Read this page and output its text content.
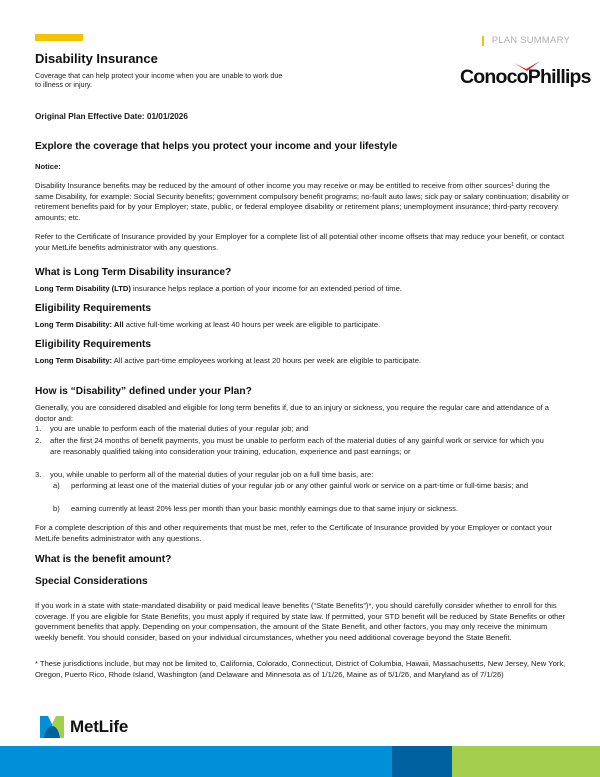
PLAN SUMMARY
Disability Insurance
Coverage that can help protect your income when you are unable to work due to illness or injury.	ConocoPhillips
Original Plan Effective Date: 01/01/2026
Explore the coverage that helps you protect your income and your lifestyle
Notice:
Disability Insurance benefits may be reduced by the amount of other income you may receive or may be entitled to receive from other sources$^1$ during the same Disability, for example: Social Security benefits; government compulsory benefit programs; no-fault auto laws; sick pay or salary continuation; disability or retirement benefits paid for by your Employer; state, public, or federal employee disability or retirement plans; unemployment insurance; third-party recovery amounts; etc.
Refer to the Certificate of Insurance provided by your Employer for a complete list of all potential other income offsets that may reduce your benefit, or contact your MetLife benefits administrator with any questions.
What is Long Term Disability insurance?
Long Term Disability (LTD) insurance helps replace a portion of your income for an extended period of time.
Eligibility Requirements
Long Term Disability: All active full-time working at least 40 hours per week are eligible to participate.
Eligibility Requirements
Long Term Disability: All active part-time employees working at least 20 hours per week are eligible to participate.
How is “Disability” defined under your Plan?
Generally, you are considered disabled and eligible for long term benefits if, due to an injury or sickness, you require the regular care and attendance of a doctor and:
1. you are unable to perform each of the material duties of your regular job; and
2. after the first 24 months of benefit payments, you must be unable to perform each of the material duties of any gainful work or service for which you are reasonably qualified taking into consideration your training, education, experience and past earnings; or
3. you, while unable to perform all of the material duties of your regular job on a full time basis, are:
a) performing at least one of the material duties of your regular job or any other gainful work or service on a part-time or full-time basis; and
b) earning currently at least 20% less per month than your basic monthly earnings due to that same injury or sickness.
For a complete description of this and other requirements that must be met, refer to the Certificate of Insurance provided by your Employer or contact your MetLife benefits administrator with any questions.
What is the benefit amount?
Special Considerations
If you work in a state with state-mandated disability or paid medical leave benefits (“State Benefits”)*, you should carefully consider whether to enroll for this coverage. If you are eligible for State Benefits, you must apply if required by state law. If permitted, your STD benefit will be reduced by State Benefits or other government benefits that apply. Depending on your compensation, the amount of the State Benefit, and other factors, you may only receive the minimum weekly benefit. You should consider, based on your individual circumstances, whether you need additional coverage beyond the State Benefit.
* These jurisdictions include, but may not be limited to, California, Colorado, Connecticut, District of Columbia, Hawaii, Massachusetts, New Jersey, New York, Oregon, Puerto Rico, Rhode Island, Washington (and Delaware and Minnesota as of 1/1/26, Maine as of 5/1/26, and Maryland as of 7/1/26)
MetLife
